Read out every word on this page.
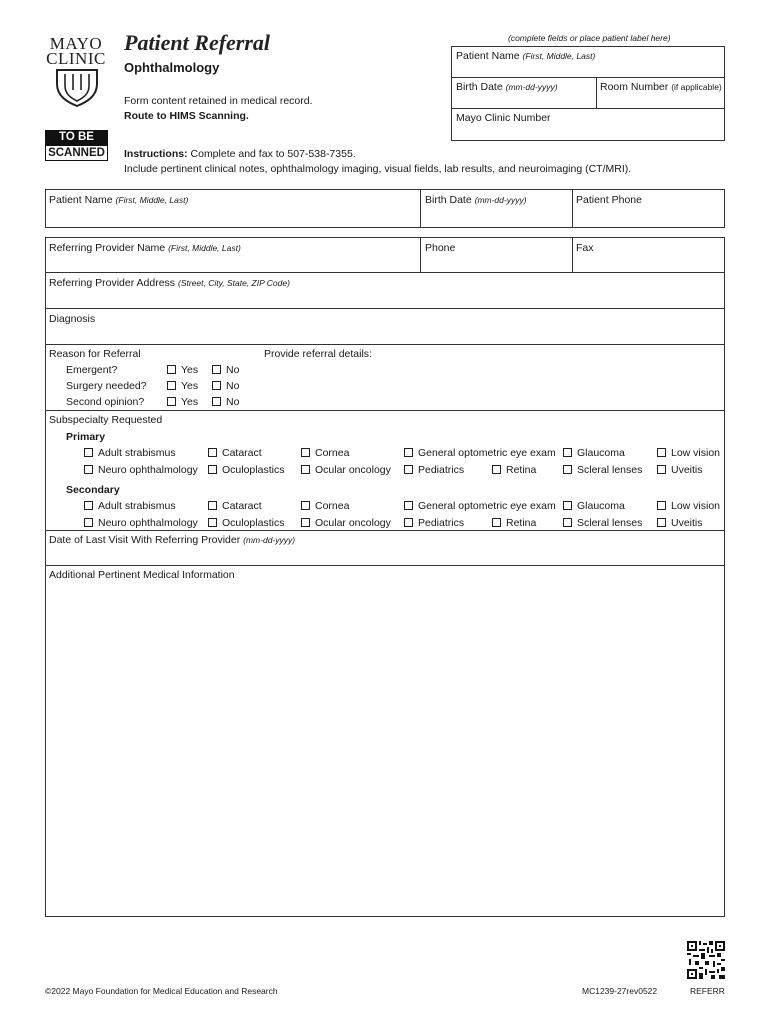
MAYO
CLINIC
Patient Referral
Ophthalmology
Form content retained in medical record.
Route to HIMS Scanning.
TO BE
SCANNED
(complete fields or place patient label here)
Patient Name (First, Middle, Last)
Birth Date (mm-dd-yyyy)	Room Number (if applicable)
Mayo Clinic Number
Instructions: Complete and fax to 507-538-7355.
Include pertinent clinical notes, ophthalmology imaging, visual fields, lab results, and neuroimaging (CT/MRI).
Patient Name (First, Middle, Last)	Birth Date (mm-dd-yyyy)	Patient Phone
Referring Provider Name (First, Middle, Last)	Phone	Fax
Referring Provider Address (Street, City, State, ZIP Code)
Diagnosis
Reason for Referral	Provide referral details:
Emergent?	Yes	No
Surgery needed?	Yes	No
Second opinion?	Yes	No
Subspecialty Requested
Primary
Secondary
Adult strabismus	Cataract	Cornea	General optometric eye exam	Glaucoma	Low vision
Neuro ophthalmology	Oculoplastics	Ocular oncology	Pediatrics	Retina	Scleral lenses	Uveitis
Adult strabismus	Cataract	Cornea	General optometric eye exam	Glaucoma	Low vision
Neuro ophthalmology	Oculoplastics	Ocular oncology	Pediatrics	Retina	Scleral lenses	Uveitis
Date of Last Visit With Referring Provider (mm-dd-yyyy)
Additional Pertinent Medical Information
©2022 Mayo Foundation for Medical Education and Research	MC1239-27rev0522	REFERR
